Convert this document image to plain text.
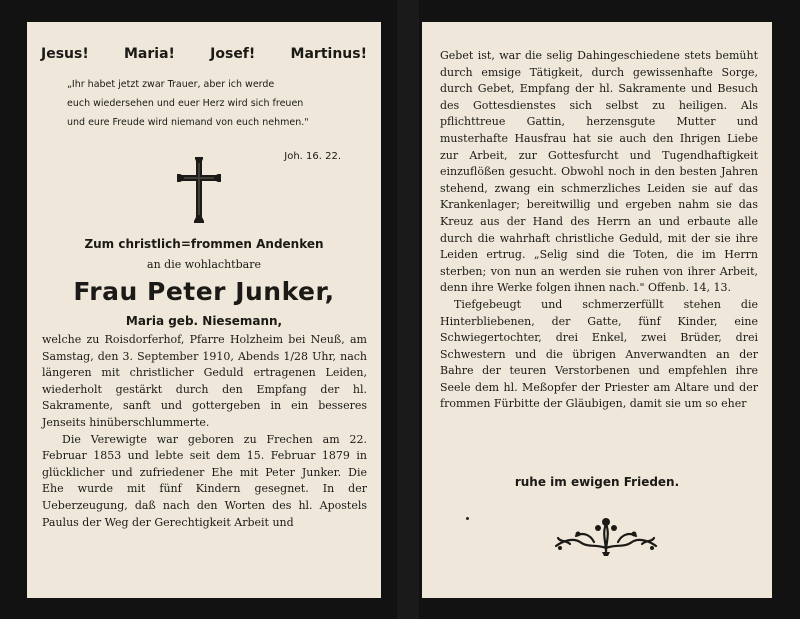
Jesus!	Maria!	Josef!	Martinus!

„Ihr habet jetzt zwar Trauer, aber ich werde

euch wiedersehen und euer Herz wird sich freuen

und eure Freude wird niemand von euch nehmen."

Joh. 16. 22.
Zum christlich=frommen Andenken
an die wohlachtbare
Frau Peter Junker,
Maria geb. Niesemann,

welche zu Roisdorferhof, Pfarre Holzheim bei Neuß, am Samstag, den 3. September 1910, Abends 1/28 Uhr, nach längeren mit christlicher Geduld ertragenen Leiden, wiederholt gestärkt durch den Empfang der hl. Sakramente, sanft und gottergeben in ein besseres Jenseits hinüberschlummerte.

Die Verewigte war geboren zu Frechen am 22. Februar 1853 und lebte seit dem 15. Februar 1879 in glücklicher und zufriedener Ehe mit Peter Junker. Die Ehe wurde mit fünf Kindern gesegnet. In der Ueberzeugung, daß nach den Worten des hl. Apostels Paulus der Weg der Gerechtigkeit Arbeit und

Gebet ist, war die selig Dahingeschiedene stets bemüht durch emsige Tätigkeit, durch gewissenhafte Sorge, durch Gebet, Empfang der hl. Sakramente und Besuch des Gottesdienstes sich selbst zu heiligen. Als pflichttreue Gattin, herzensgute Mutter und musterhafte Hausfrau hat sie auch den Ihrigen Liebe zur Arbeit, zur Gottesfurcht und Tugendhaftigkeit einzuflößen gesucht. Obwohl noch in den besten Jahren stehend, zwang ein schmerzliches Leiden sie auf das Krankenlager; bereitwillig und ergeben nahm sie das Kreuz aus der Hand des Herrn an und erbaute alle durch die wahrhaft christliche Geduld, mit der sie ihre Leiden ertrug. „Selig sind die Toten, die im Herrn sterben; von nun an werden sie ruhen von ihrer Arbeit, denn ihre Werke folgen ihnen nach." Offenb. 14, 13.

Tiefgebeugt und schmerzerfüllt stehen die Hinterbliebenen, der Gatte, fünf Kinder, eine Schwiegertochter, drei Enkel, zwei Brüder, drei Schwestern und die übrigen Anverwandten an der Bahre der teuren Verstorbenen und empfehlen ihre Seele dem hl. Meßopfer der Priester am Altare und der frommen Fürbitte der Gläubigen, damit sie um so eher

ruhe im ewigen Frieden.
